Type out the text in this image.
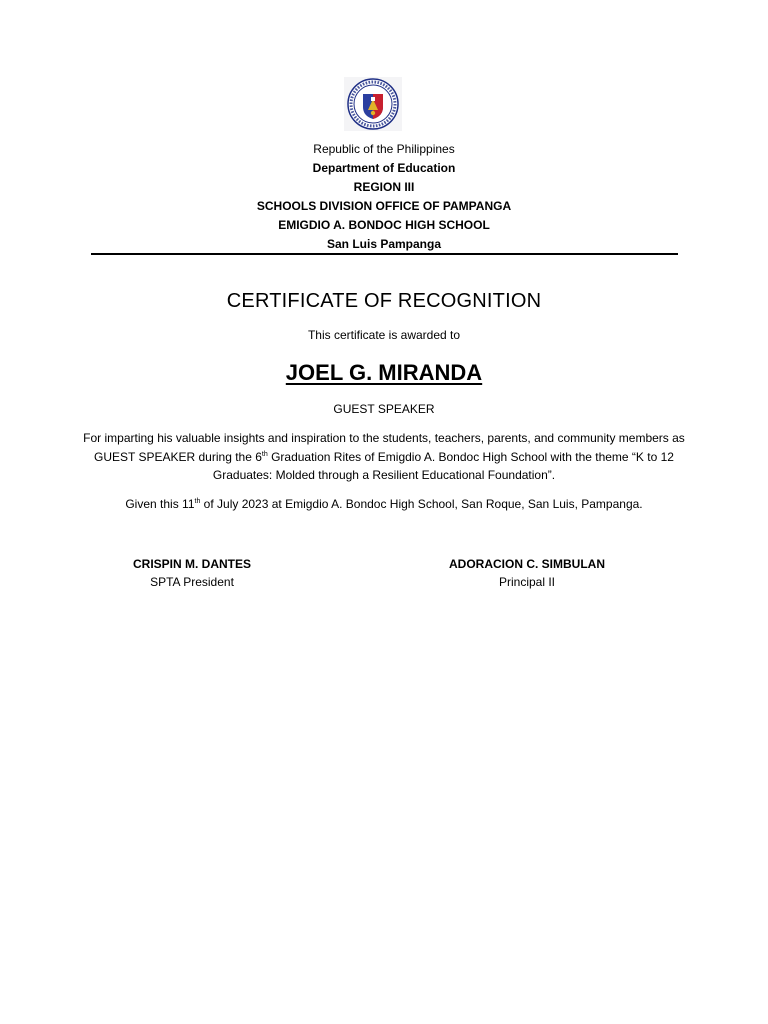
Republic of the Philippines
Department of Education
REGION III
SCHOOLS DIVISION OFFICE OF PAMPANGA
EMIGDIO A. BONDOC HIGH SCHOOL
San Luis Pampanga
CERTIFICATE OF RECOGNITION
This certificate is awarded to
JOEL G. MIRANDA
GUEST SPEAKER
For imparting his valuable insights and inspiration to the students, teachers, parents, and community members as GUEST SPEAKER during the 6th Graduation Rites of Emigdio A. Bondoc High School with the theme “K to 12 Graduates: Molded through a Resilient Educational Foundation”.
Given this 11th of July 2023 at Emigdio A. Bondoc High School, San Roque, San Luis, Pampanga.
CRISPIN M. DANTES
SPTA President
ADORACION C. SIMBULAN
Principal II
